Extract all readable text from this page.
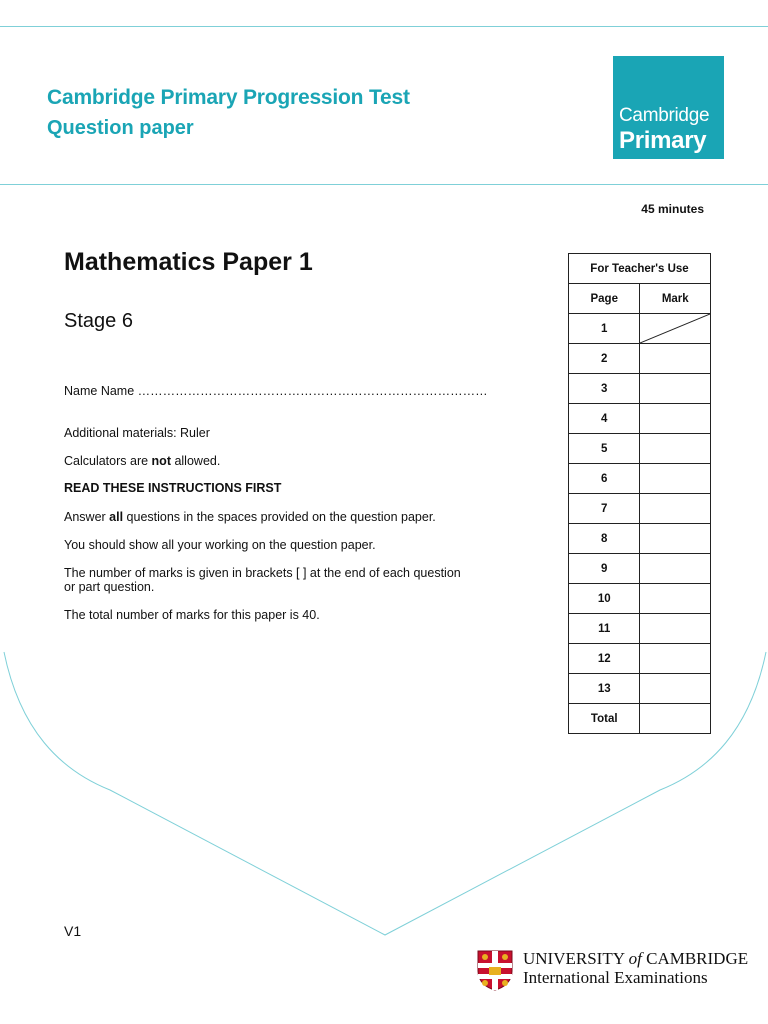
Cambridge Primary Progression Test
Question paper
Cambridge
Primary
45 minutes
Mathematics Paper 1
Stage 6

Name Name …………………………………………………………………………

Additional materials: Ruler

Calculators are not allowed.

READ THESE INSTRUCTIONS FIRST

Answer all questions in the spaces provided on the question paper.

You should show all your working on the question paper.

The number of marks is given in brackets [ ] at the end of each question

or part question.

The total number of marks for this paper is 40.

For Teacher's Use	
Page	Mark
1	

2	
3	
4	
5	
6	
7	
8	
9	
10	
11	
12	
13	
Total	
V1
UNIVERSITY of CAMBRIDGE
International Examinations
